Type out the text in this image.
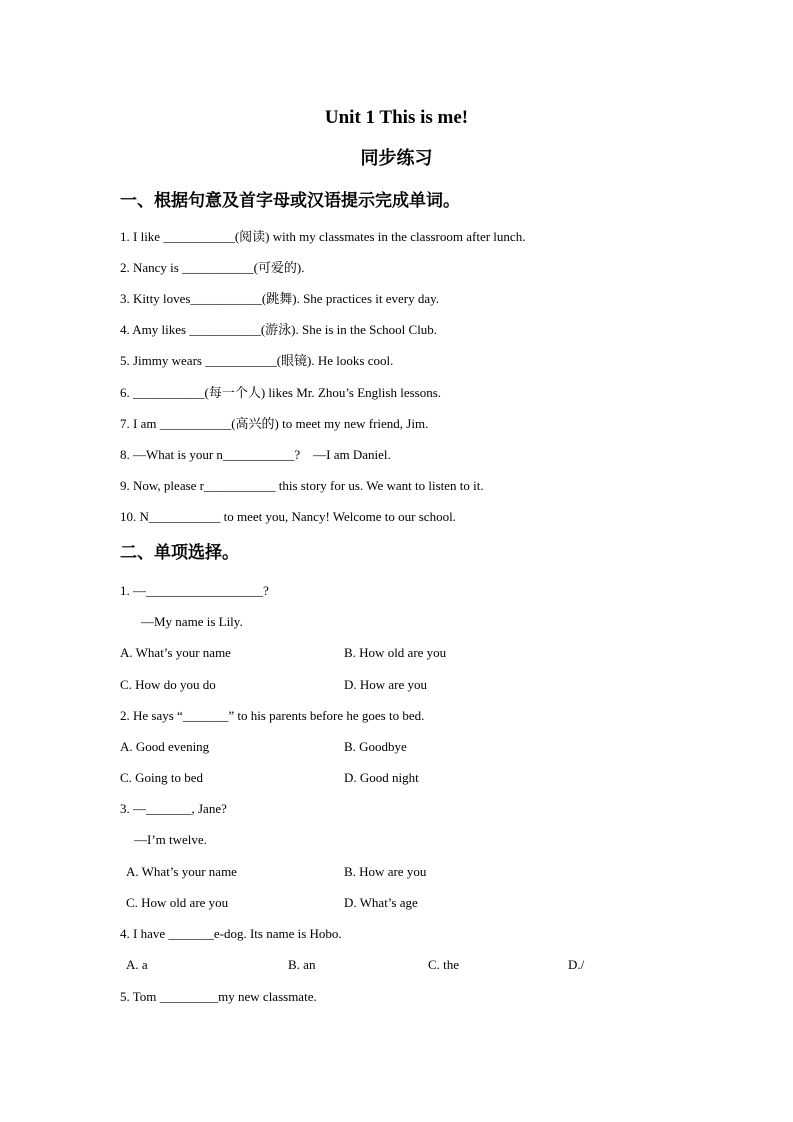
Unit 1 This is me!
同步练习
一、根据句意及首字母或汉语提示完成单词。
1. I like ___________(阅读) with my classmates in the classroom after lunch.
2. Nancy is ___________(可爱的).
3. Kitty loves___________(跳舞). She practices it every day.
4. Amy likes ___________(游泳). She is in the School Club.
5. Jimmy wears ___________(眼镜). He looks cool.
6. ___________(每一个人) likes Mr. Zhou’s English lessons.
7. I am ___________(高兴的) to meet my new friend, Jim.
8. —What is your n___________?    —I am Daniel.
9. Now, please r___________ this story for us. We want to listen to it.
10. N___________ to meet you, Nancy! Welcome to our school.
二、单项选择。
1. —__________________?
—My name is Lily.
A. What’s your name	B. How old are you
C. How do you do	D. How are you
2. He says “_______” to his parents before he goes to bed.
A. Good evening	B. Goodbye
C. Going to bed	D. Good night
3. —_______, Jane?
—I’m twelve.
A. What’s your name	B. How are you
C. How old are you	D. What’s age
4. I have _______e-dog. Its name is Hobo.
A. a	B. an	C. the	D./
5. Tom _________my new classmate.
